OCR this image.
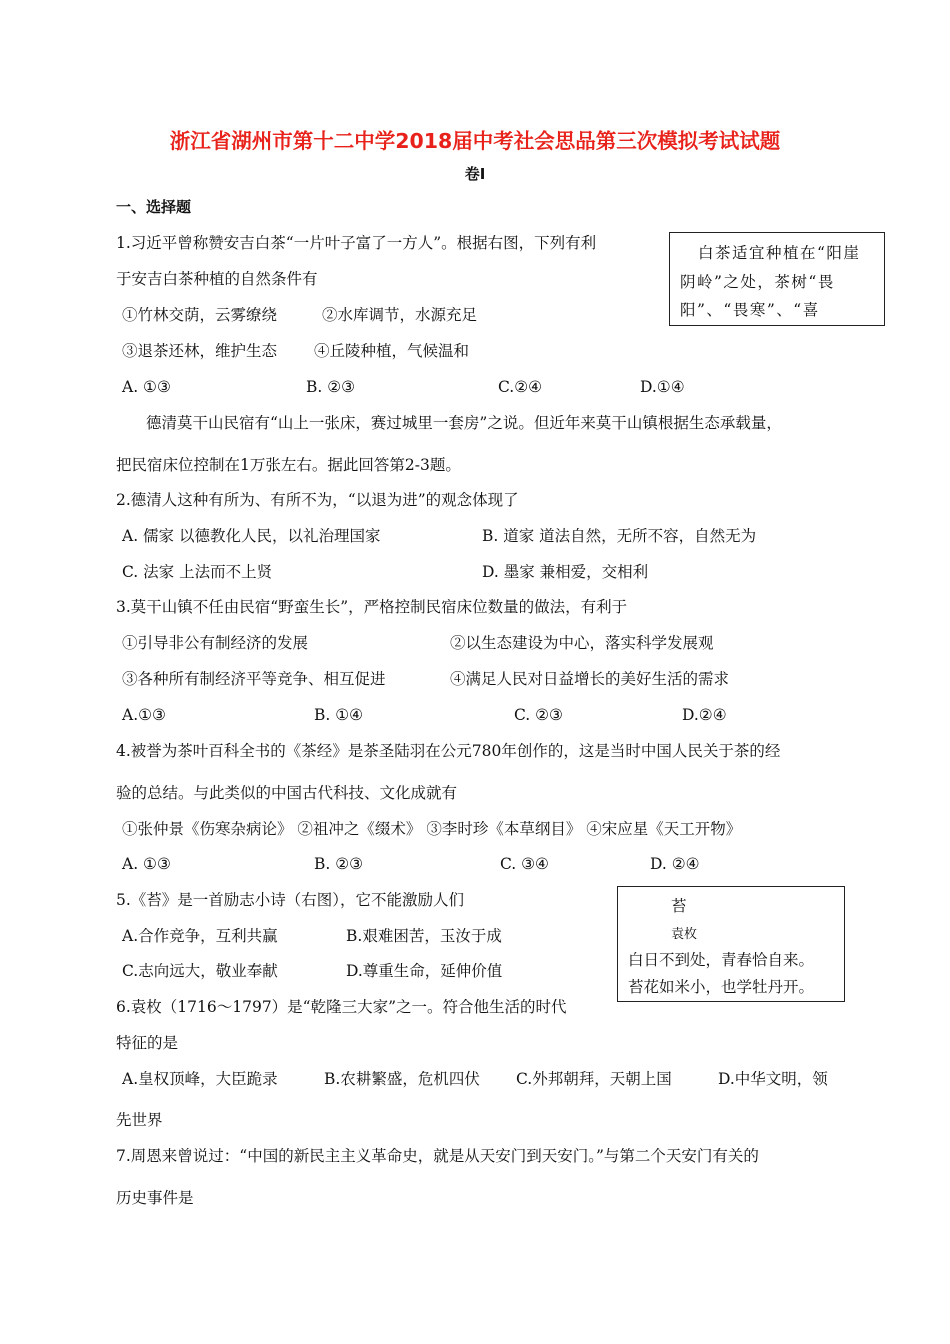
浙江省湖州市第十二中学2018届中考社会思品第三次模拟考试试题
卷Ⅰ
一、选择题
1.习近平曾称赞安吉白茶“一片叶子富了一方人”。根据右图，下列有利
于安吉白茶种植的自然条件有
①竹林交荫，云雾缭绕	②水库调节，水源充足
③退茶还林，维护生态 ④丘陵种植，气候温和
A. ①③	B. ②③	C.②④	D.①④
白茶适宜种植在“阳崖
阴岭”之处，茶树“畏
阳”、“畏寒”、“喜
德清莫干山民宿有“山上一张床，赛过城里一套房”之说。但近年来莫干山镇根据生态承载量，
把民宿床位控制在1万张左右。据此回答第2-3题。
2.德清人这种有所为、有所不为，“以退为进”的观念体现了
A. 儒家 以德教化人民，以礼治理国家	B. 道家 道法自然，无所不容，自然无为
C. 法家 上法而不上贤	D. 墨家 兼相爱，交相利
3.莫干山镇不任由民宿“野蛮生长”，严格控制民宿床位数量的做法，有利于
①引导非公有制经济的发展	②以生态建设为中心，落实科学发展观
③各种所有制经济平等竞争、相互促进	④满足人民对日益增长的美好生活的需求
A.①③	B. ①④	C. ②③	D.②④
4.被誉为茶叶百科全书的《茶经》是茶圣陆羽在公元780年创作的，这是当时中国人民关于茶的经
验的总结。与此类似的中国古代科技、文化成就有
①张仲景《伤寒杂病论》 ②祖冲之《缀术》 ③李时珍《本草纲目》 ④宋应星《天工开物》
A. ①③	B. ②③	C. ③④	D. ②④
5.《苔》是一首励志小诗（右图），它不能激励人们
A.合作竞争，互利共赢	B.艰难困苦，玉汝于成
C.志向远大，敬业奉献	D.尊重生命，延伸价值
苔
袁枚
白日不到处，青春恰自来。
苔花如米小，也学牡丹开。
6.袁枚（1716～1797）是“乾隆三大家”之一。符合他生活的时代
特征的是
A.皇权顶峰，大臣跪录	B.农耕繁盛，危机四伏 C.外邦朝拜，天朝上国	D.中华文明，领
先世界
7.周恩来曾说过：“中国的新民主主义革命史，就是从天安门到天安门。”与第二个天安门有关的
历史事件是
